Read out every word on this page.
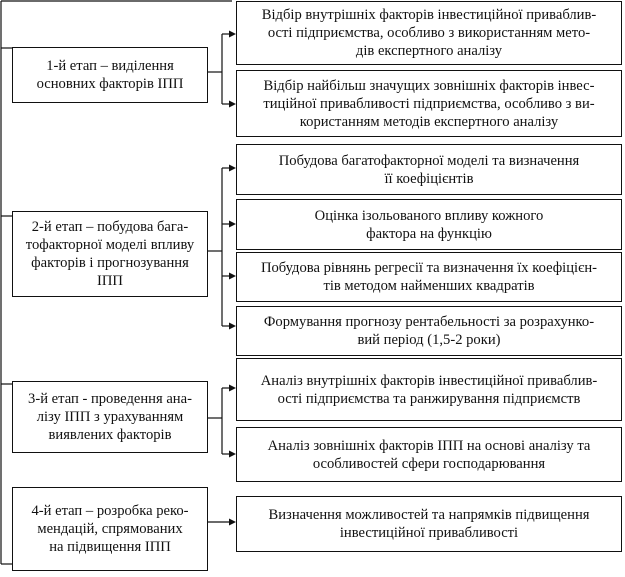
1-й етап – виділення
основних факторів ІПП
2-й етап – побудова бага-
тофакторної моделі впливу
факторів і прогнозування
ІПП
3-й етап - проведення ана-
лізу ІПП з урахуванням
виявлених факторів
4-й етап – розробка реко-
мендацій, спрямованих
на підвищення ІПП
Відбір внутрішніх факторів інвестиційної приваблив-
ості підприємства, особливо з використанням мето-
дів експертного аналізу
Відбір найбільш значущих зовнішніх факторів інвес-
тиційної привабливості підприємства, особливо з ви-
користанням методів експертного аналізу
Побудова багатофакторної моделі та визначення
її коефіцієнтів
Оцінка ізольованого впливу кожного
фактора на функцію
Побудова рівнянь регресії та визначення їх коефіцієн-
тів методом найменших квадратів
Формування прогнозу рентабельності за розрахунко-
вий період (1,5-2 роки)
Аналіз внутрішніх факторів інвестиційної приваблив-
ості підприємства та ранжирування підприємств
Аналіз зовнішніх факторів ІПП на основі аналізу та
особливостей сфери господарювання
Визначення можливостей та напрямків підвищення
інвестиційної привабливості
